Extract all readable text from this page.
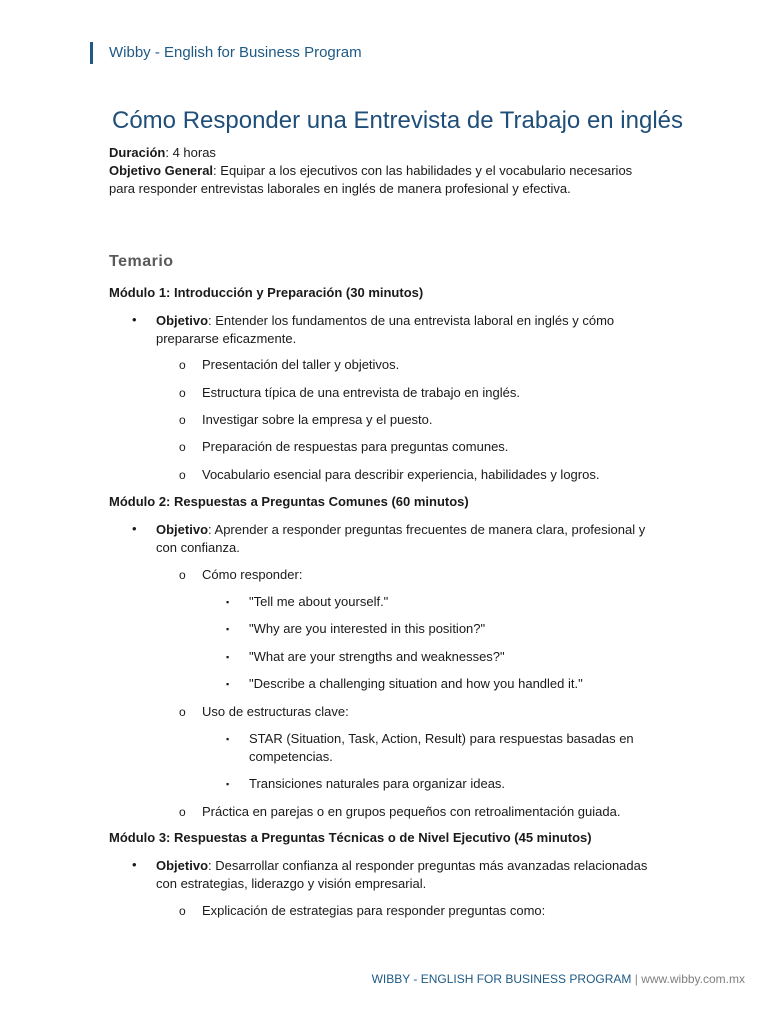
Wibby - English for Business Program
Cómo Responder una Entrevista de Trabajo en inglés
Duración: 4 horas
Objetivo General: Equipar a los ejecutivos con las habilidades y el vocabulario necesarios para responder entrevistas laborales en inglés de manera profesional y efectiva.
Temario
Módulo 1: Introducción y Preparación (30 minutos)
• Objetivo: Entender los fundamentos de una entrevista laboral en inglés y cómo prepararse eficazmente.
o Presentación del taller y objetivos.
o Estructura típica de una entrevista de trabajo en inglés.
o Investigar sobre la empresa y el puesto.
o Preparación de respuestas para preguntas comunes.
o Vocabulario esencial para describir experiencia, habilidades y logros.
Módulo 2: Respuestas a Preguntas Comunes (60 minutos)
• Objetivo: Aprender a responder preguntas frecuentes de manera clara, profesional y con confianza.
o Cómo responder:
▪ "Tell me about yourself."
▪ "Why are you interested in this position?"
▪ "What are your strengths and weaknesses?"
▪ "Describe a challenging situation and how you handled it."
o Uso de estructuras clave:
▪ STAR (Situation, Task, Action, Result) para respuestas basadas en competencias.
▪ Transiciones naturales para organizar ideas.
o Práctica en parejas o en grupos pequeños con retroalimentación guiada.
Módulo 3: Respuestas a Preguntas Técnicas o de Nivel Ejecutivo (45 minutos)
• Objetivo: Desarrollar confianza al responder preguntas más avanzadas relacionadas con estrategias, liderazgo y visión empresarial.
o Explicación de estrategias para responder preguntas como:
WIBBY - ENGLISH FOR BUSINESS PROGRAM | www.wibby.com.mx
